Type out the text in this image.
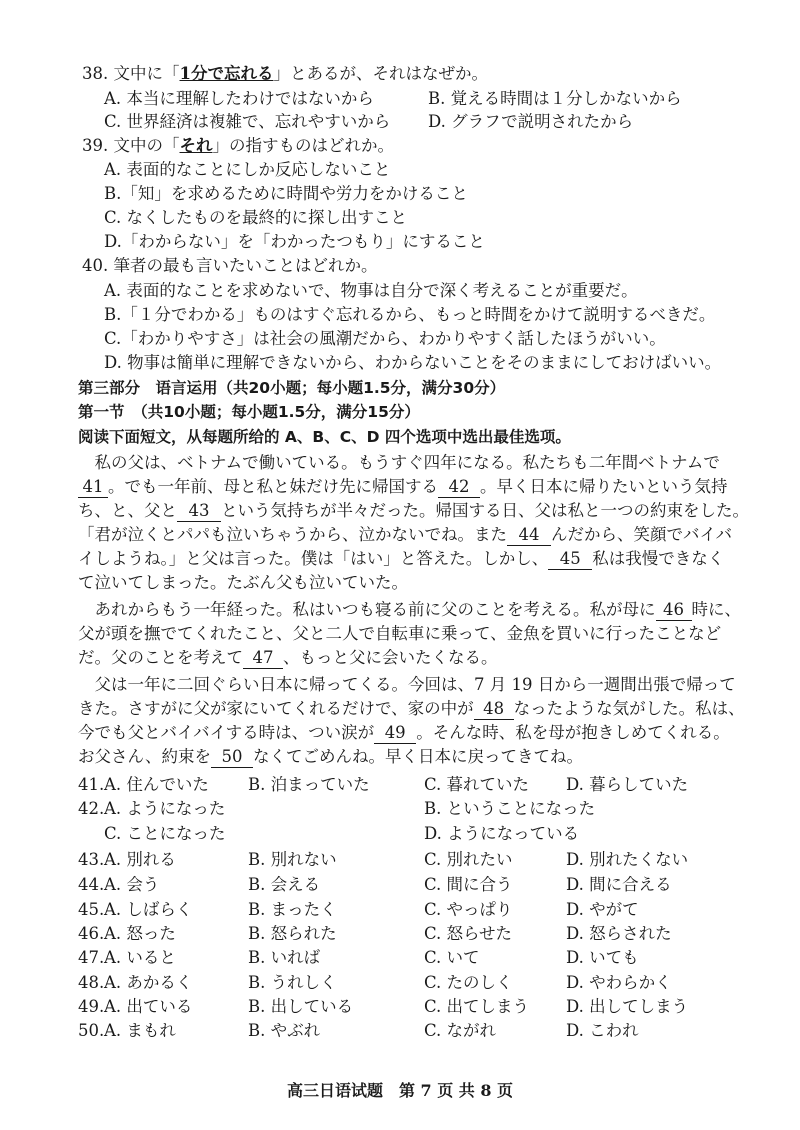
38. 文中に「1分で忘れる」とあるが、それはなぜか。
A. 本当に理解したわけではないから	B. 覚える時間は１分しかないから
C. 世界経済は複雑で、忘れやすいから D. グラフで説明されたから
39. 文中の「それ」の指すものはどれか。
A. 表面的なことにしか反応しないこと
B.「知」を求めるために時間や労力をかけること
C. なくしたものを最終的に探し出すこと
D.「わからない」を「わかったつもり」にすること
40. 筆者の最も言いたいことはどれか。
A. 表面的なことを求めないで、物事は自分で深く考えることが重要だ。
B.「１分でわかる」ものはすぐ忘れるから、もっと時間をかけて説明するべきだ。
C.「わかりやすさ」は社会の風潮だから、わかりやすく話したほうがいい。
D. 物事は簡単に理解できないから、わからないことをそのままにしておけばいい。
第三部分　语言运用（共20小题；每小题1.5分，满分30分）
第一节　（共10小题；每小题1.5分，满分15分）
阅读下面短文，从每题所给的 A、B、C、D 四个选项中选出最佳选项。
　私の父は、ベトナムで働いている。もうすぐ四年になる。私たちも二年間ベトナムで
41 。でも一年前、母と私と妹だけ先に帰国する 42 。早く日本に帰りたいという気持
ち、と、父と 43 という気持ちが半々だった。帰国する日、父は私と一つの約束をした。
「君が泣くとパパも泣いちゃうから、泣かないでね。また 44 んだから、笑顔でバイバ
イしようね。」と父は言った。僕は「はい」と答えた。しかし、 45 私は我慢できなく
て泣いてしまった。たぶん父も泣いていた。
　あれからもう一年経った。私はいつも寝る前に父のことを考える。私が母に 46 時に、
父が頭を撫でてくれたこと、父と二人で自転車に乗って、金魚を買いに行ったことなど
だ。父のことを考えて 47 、もっと父に会いたくなる。
　父は一年に二回ぐらい日本に帰ってくる。今回は、7 月 19 日から一週間出張で帰って
きた。さすがに父が家にいてくれるだけで、家の中が 48 なったような気がした。私は、
今でも父とバイバイする時は、つい涙が 49 。そんな時、私を母が抱きしめてくれる。
お父さん、約束を 50 なくてごめんね。早く日本に戻ってきてね。
41. A. 住んでいた B. 泊まっていた	C. 暮れていた D. 暮らしていた
42. A. ようになった	B. ということになった
C. ことになった	D. ようになっている
43. A. 別れる	B. 別れない	C. 別れたい	D. 別れたくない
44. A. 会う	B. 会える	C. 間に合う	D. 間に合える
45. A. しばらく	B. まったく	C. やっぱり	D. やがて
46. A. 怒った	B. 怒られた	C. 怒らせた	D. 怒らされた
47. A. いると	B. いれば	C. いて	D. いても
48. A. あかるく	B. うれしく	C. たのしく	D. やわらかく
49. A. 出ている	B. 出している	C. 出てしまう D. 出してしまう
50. A. まもれ	B. やぶれ	C. ながれ	D. こわれ
高三日语试题　第 7 页 共 8 页
